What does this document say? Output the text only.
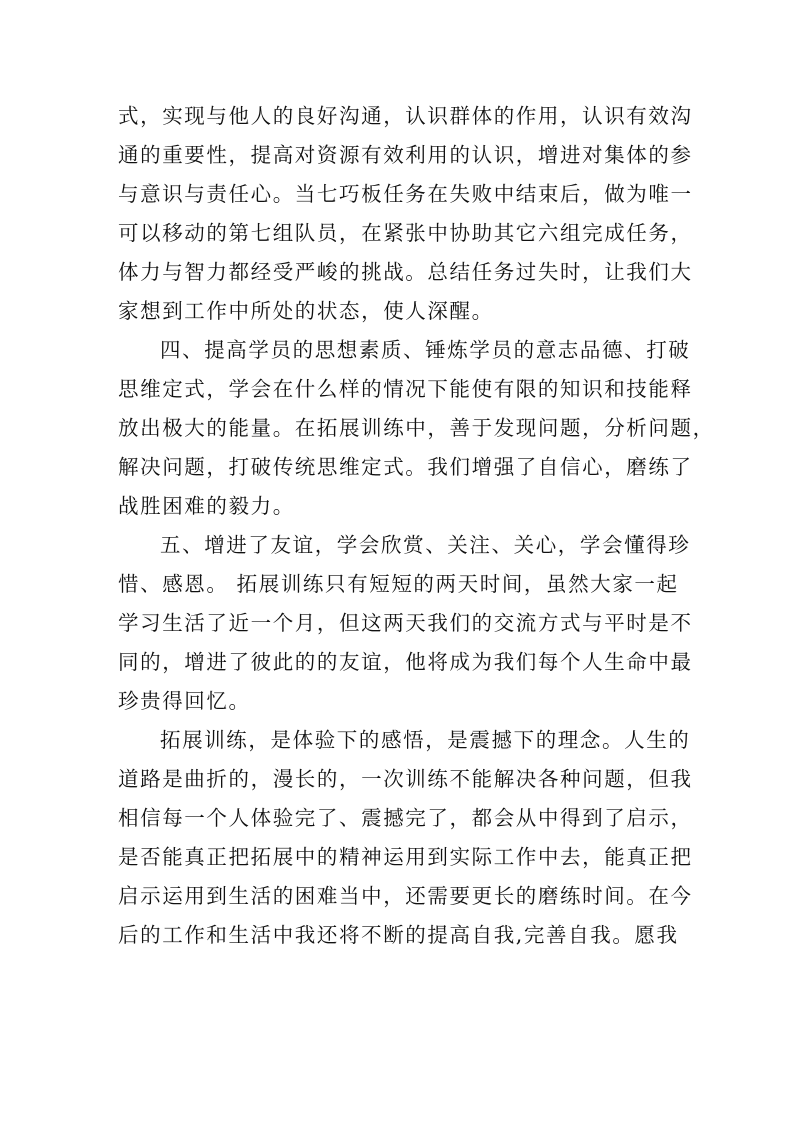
式，实现与他人的良好沟通，认识群体的作用，认识有效沟
通的重要性，提高对资源有效利用的认识，增进对集体的参
与意识与责任心。当七巧板任务在失败中结束后，做为唯一
可以移动的第七组队员，在紧张中协助其它六组完成任务，
体力与智力都经受严峻的挑战。总结任务过失时，让我们大
家想到工作中所处的状态，使人深醒。
四、提高学员的思想素质、锤炼学员的意志品德、打破
思维定式，学会在什么样的情况下能使有限的知识和技能释
放出极大的能量。在拓展训练中，善于发现问题，分析问题，
解决问题，打破传统思维定式。我们增强了自信心，磨练了
战胜困难的毅力。
五、增进了友谊，学会欣赏、关注、关心，学会懂得珍
惜、感恩。 拓展训练只有短短的两天时间，虽然大家一起
学习生活了近一个月，但这两天我们的交流方式与平时是不
同的，增进了彼此的的友谊，他将成为我们每个人生命中最
珍贵得回忆。
拓展训练，是体验下的感悟，是震撼下的理念。人生的
道路是曲折的，漫长的，一次训练不能解决各种问题，但我
相信每一个人体验完了、震撼完了，都会从中得到了启示，
是否能真正把拓展中的精神运用到实际工作中去，能真正把
启示运用到生活的困难当中，还需要更长的磨练时间。在今
后的工作和生活中我还将不断的提高自我,完善自我。愿我
